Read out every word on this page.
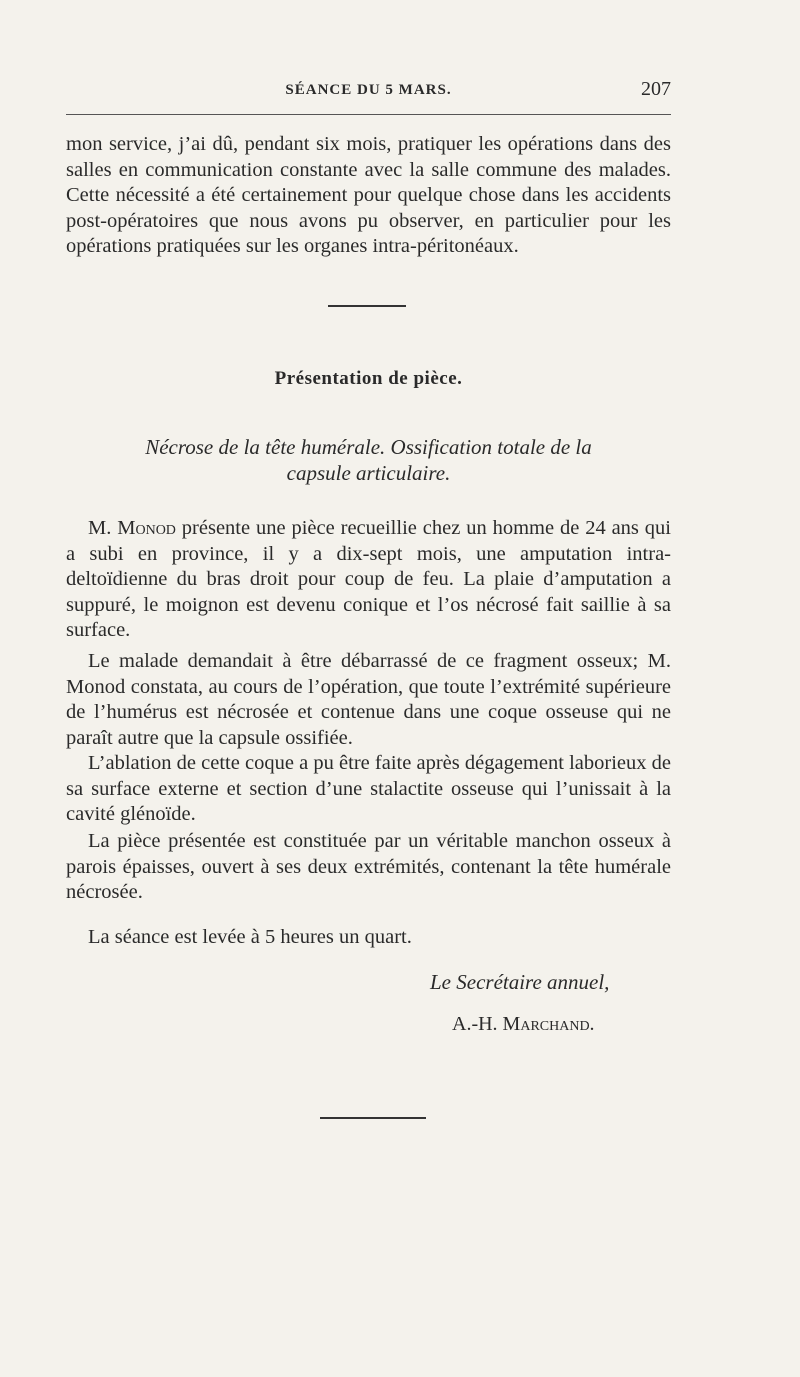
SÉANCE DU 5 MARS.	207

mon service, j’ai dû, pendant six mois, pratiquer les opérations dans des salles en communication constante avec la salle commune des malades. Cette nécessité a été certainement pour quelque chose dans les accidents post-opératoires que nous avons pu observer, en particulier pour les opérations pratiquées sur les organes intra-péritonéaux.

Présentation de pièce.
Nécrose de la tête humérale. Ossification totale de la
capsule articulaire.

M. Monod présente une pièce recueillie chez un homme de 24 ans qui a subi en province, il y a dix-sept mois, une amputation intra-deltoïdienne du bras droit pour coup de feu. La plaie d’amputation a suppuré, le moignon est devenu conique et l’os nécrosé fait saillie à sa surface.

Le malade demandait à être débarrassé de ce fragment osseux; M. Monod constata, au cours de l’opération, que toute l’extrémité supérieure de l’humérus est nécrosée et contenue dans une coque osseuse qui ne paraît autre que la capsule ossifiée.

L’ablation de cette coque a pu être faite après dégagement laborieux de sa surface externe et section d’une stalactite osseuse qui l’unissait à la cavité glénoïde.

La pièce présentée est constituée par un véritable manchon osseux à parois épaisses, ouvert à ses deux extrémités, contenant la tête humérale nécrosée.

La séance est levée à 5 heures un quart.
Le Secrétaire annuel,
A.-H. Marchand.
